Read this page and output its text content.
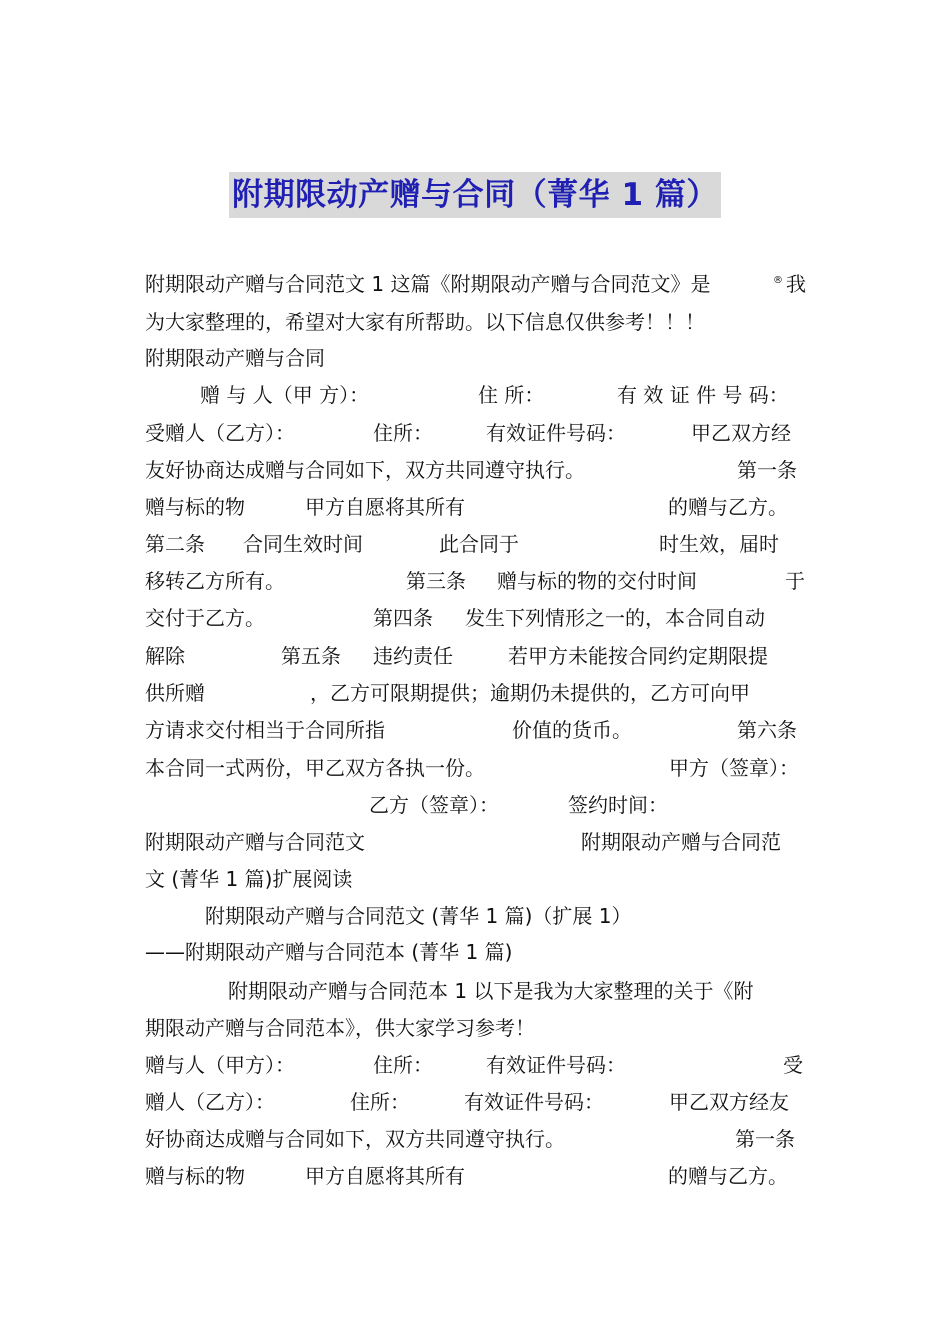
附期限动产赠与合同（菁华 1 篇）
附期限动产赠与合同范文 1 这篇《附期限动产赠与合同范文》是	® 我
为大家整理的，希望对大家有所帮助。以下信息仅供参考！！！
附期限动产赠与合同
赠 与 人（甲 方）：	住 所：	有 效 证 件 号 码：
受赠人（乙方）：	住所：	有效证件号码：	甲乙双方经
友好协商达成赠与合同如下，双方共同遵守执行。	第一条
赠与标的物	甲方自愿将其所有	的赠与乙方。
第二条 合同生效时间	此合同于	时生效，届时
移转乙方所有。	第三条 赠与标的物的交付时间	于
交付于乙方。	第四条 发生下列情形之一的，本合同自动
解除	第五条 违约责任	若甲方未能按合同约定期限提
供所赠	，乙方可限期提供；逾期仍未提供的，乙方可向甲
方请求交付相当于合同所指	价值的货币。	第六条
本合同一式两份，甲乙双方各执一份。	甲方（签章）：
乙方（签章）：	签约时间：
附期限动产赠与合同范文	附期限动产赠与合同范
文 (菁华 1 篇)扩展阅读
附期限动产赠与合同范文 (菁华 1 篇)（扩展 1）
——附期限动产赠与合同范本 (菁华 1 篇)
附期限动产赠与合同范本 1 以下是我为大家整理的关于《附
期限动产赠与合同范本》，供大家学习参考！
赠与人（甲方）：	住所：	有效证件号码：	受
赠人（乙方）：	住所：	有效证件号码：	甲乙双方经友
好协商达成赠与合同如下，双方共同遵守执行。	第一条
赠与标的物	甲方自愿将其所有	的赠与乙方。
